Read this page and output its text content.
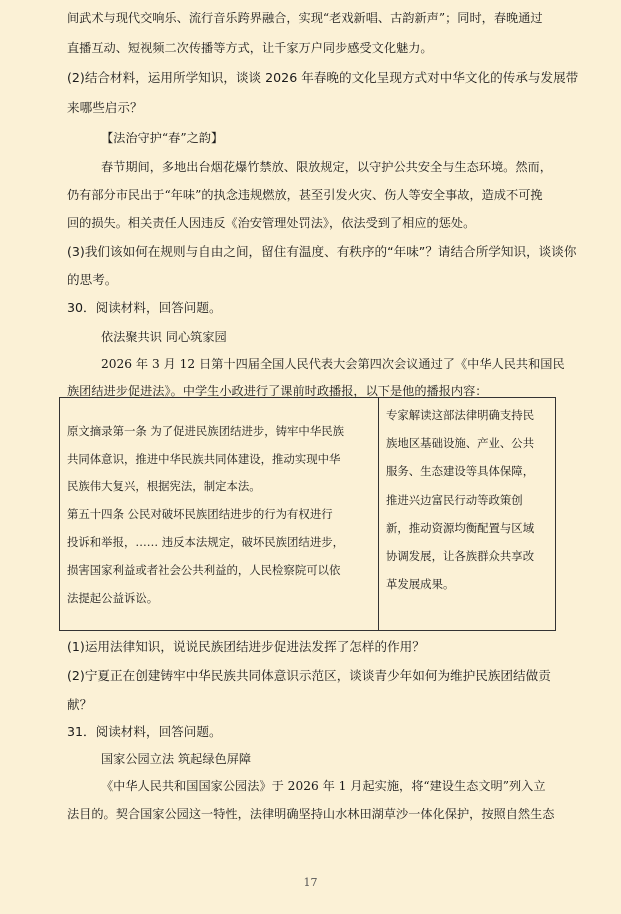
间武术与现代交响乐、流行音乐跨界融合，实现“老戏新唱、古韵新声”；同时，春晚通过
直播互动、短视频二次传播等方式，让千家万户同步感受文化魅力。
(2)结合材料，运用所学知识，谈谈 2026 年春晚的文化呈现方式对中华文化的传承与发展带
来哪些启示？
【法治守护“春”之韵】
春节期间，多地出台烟花爆竹禁放、限放规定，以守护公共安全与生态环境。然而，
仍有部分市民出于“年味”的执念违规燃放，甚至引发火灾、伤人等安全事故，造成不可挽
回的损失。相关责任人因违反《治安管理处罚法》，依法受到了相应的惩处。
(3)我们该如何在规则与自由之间，留住有温度、有秩序的“年味”？请结合所学知识，谈谈你
的思考。
30．阅读材料，回答问题。
依法聚共识 同心筑家园
2026 年 3 月 12 日第十四届全国人民代表大会第四次会议通过了《中华人民共和国民
族团结进步促进法》。中学生小政进行了课前时政播报，以下是他的播报内容：
原文摘录第一条 为了促进民族团结进步，铸牢中华民族
共同体意识，推进中华民族共同体建设，推动实现中华
民族伟大复兴，根据宪法，制定本法。
第五十四条 公民对破坏民族团结进步的行为有权进行
投诉和举报，…… 违反本法规定，破坏民族团结进步，
损害国家利益或者社会公共利益的，人民检察院可以依
法提起公益诉讼。
专家解读这部法律明确支持民
族地区基础设施、产业、公共
服务、生态建设等具体保障，
推进兴边富民行动等政策创
新，推动资源均衡配置与区域
协调发展，让各族群众共享改
革发展成果。
(1)运用法律知识，说说民族团结进步促进法发挥了怎样的作用？
(2)宁夏正在创建铸牢中华民族共同体意识示范区，谈谈青少年如何为维护民族团结做贡
献？
31．阅读材料，回答问题。
国家公园立法 筑起绿色屏障
《中华人民共和国国家公园法》于 2026 年 1 月起实施，将“建设生态文明”列入立
法目的。契合国家公园这一特性，法律明确坚持山水林田湖草沙一体化保护，按照自然生态
17
